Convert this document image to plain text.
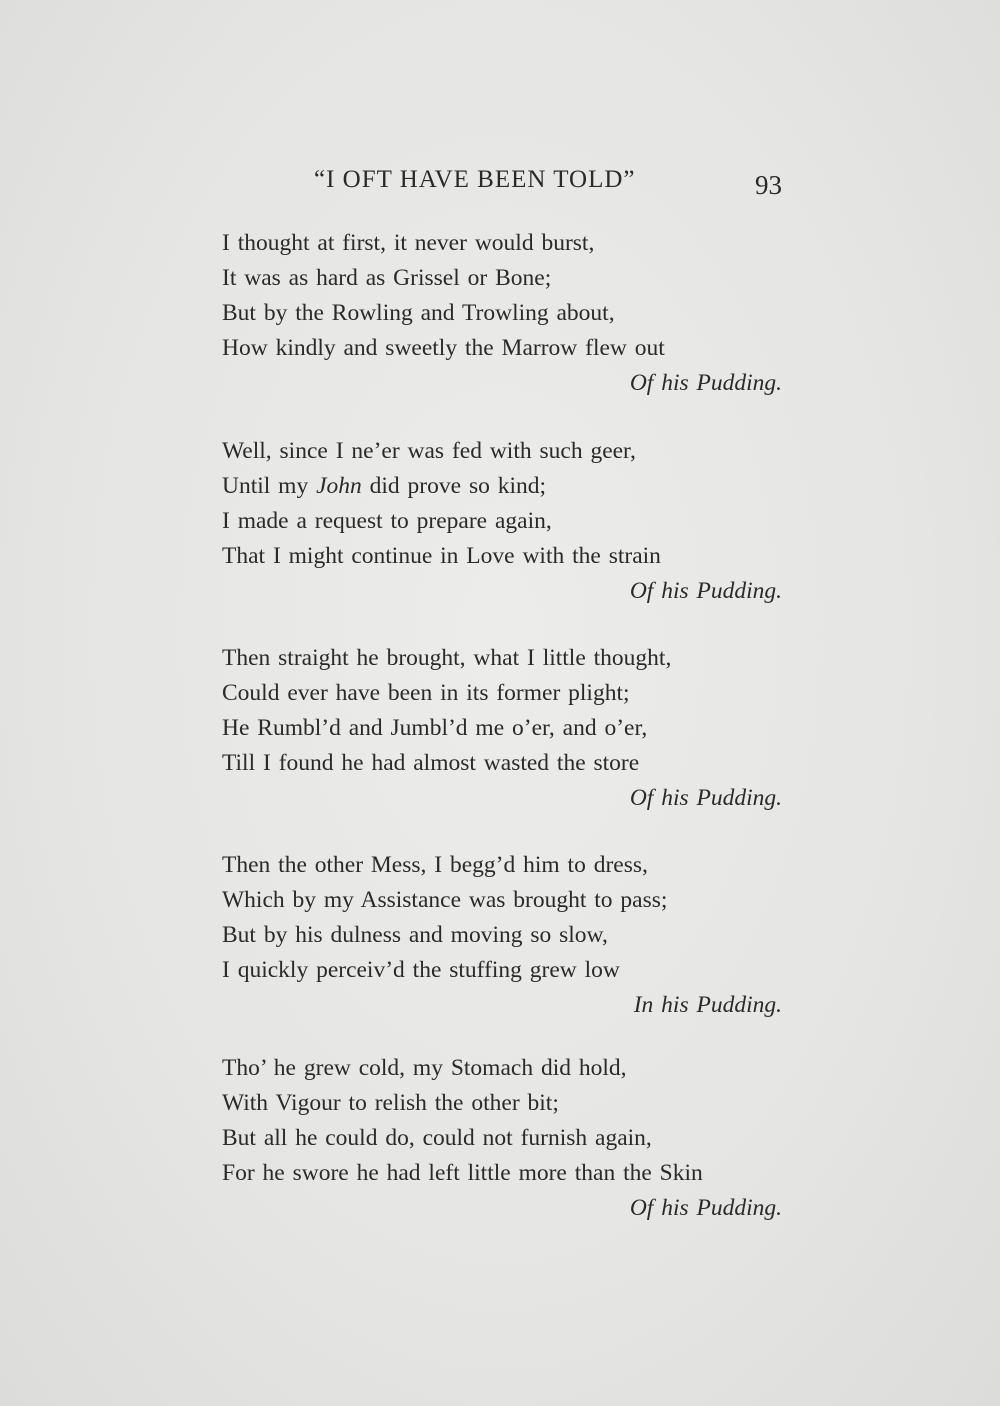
“I OFT HAVE BEEN TOLD”	93
I thought at first, it never would burst,
It was as hard as Grissel or Bone;
But by the Rowling and Trowling about,
How kindly and sweetly the Marrow flew out
Of his Pudding.
Well, since I ne’er was fed with such geer,
Until my John did prove so kind;
I made a request to prepare again,
That I might continue in Love with the strain
Of his Pudding.
Then straight he brought, what I little thought,
Could ever have been in its former plight;
He Rumbl’d and Jumbl’d me o’er, and o’er,
Till I found he had almost wasted the store
Of his Pudding.
Then the other Mess, I begg’d him to dress,
Which by my Assistance was brought to pass;
But by his dulness and moving so slow,
I quickly perceiv’d the stuffing grew low
In his Pudding.
Tho’ he grew cold, my Stomach did hold,
With Vigour to relish the other bit;
But all he could do, could not furnish again,
For he swore he had left little more than the Skin
Of his Pudding.
